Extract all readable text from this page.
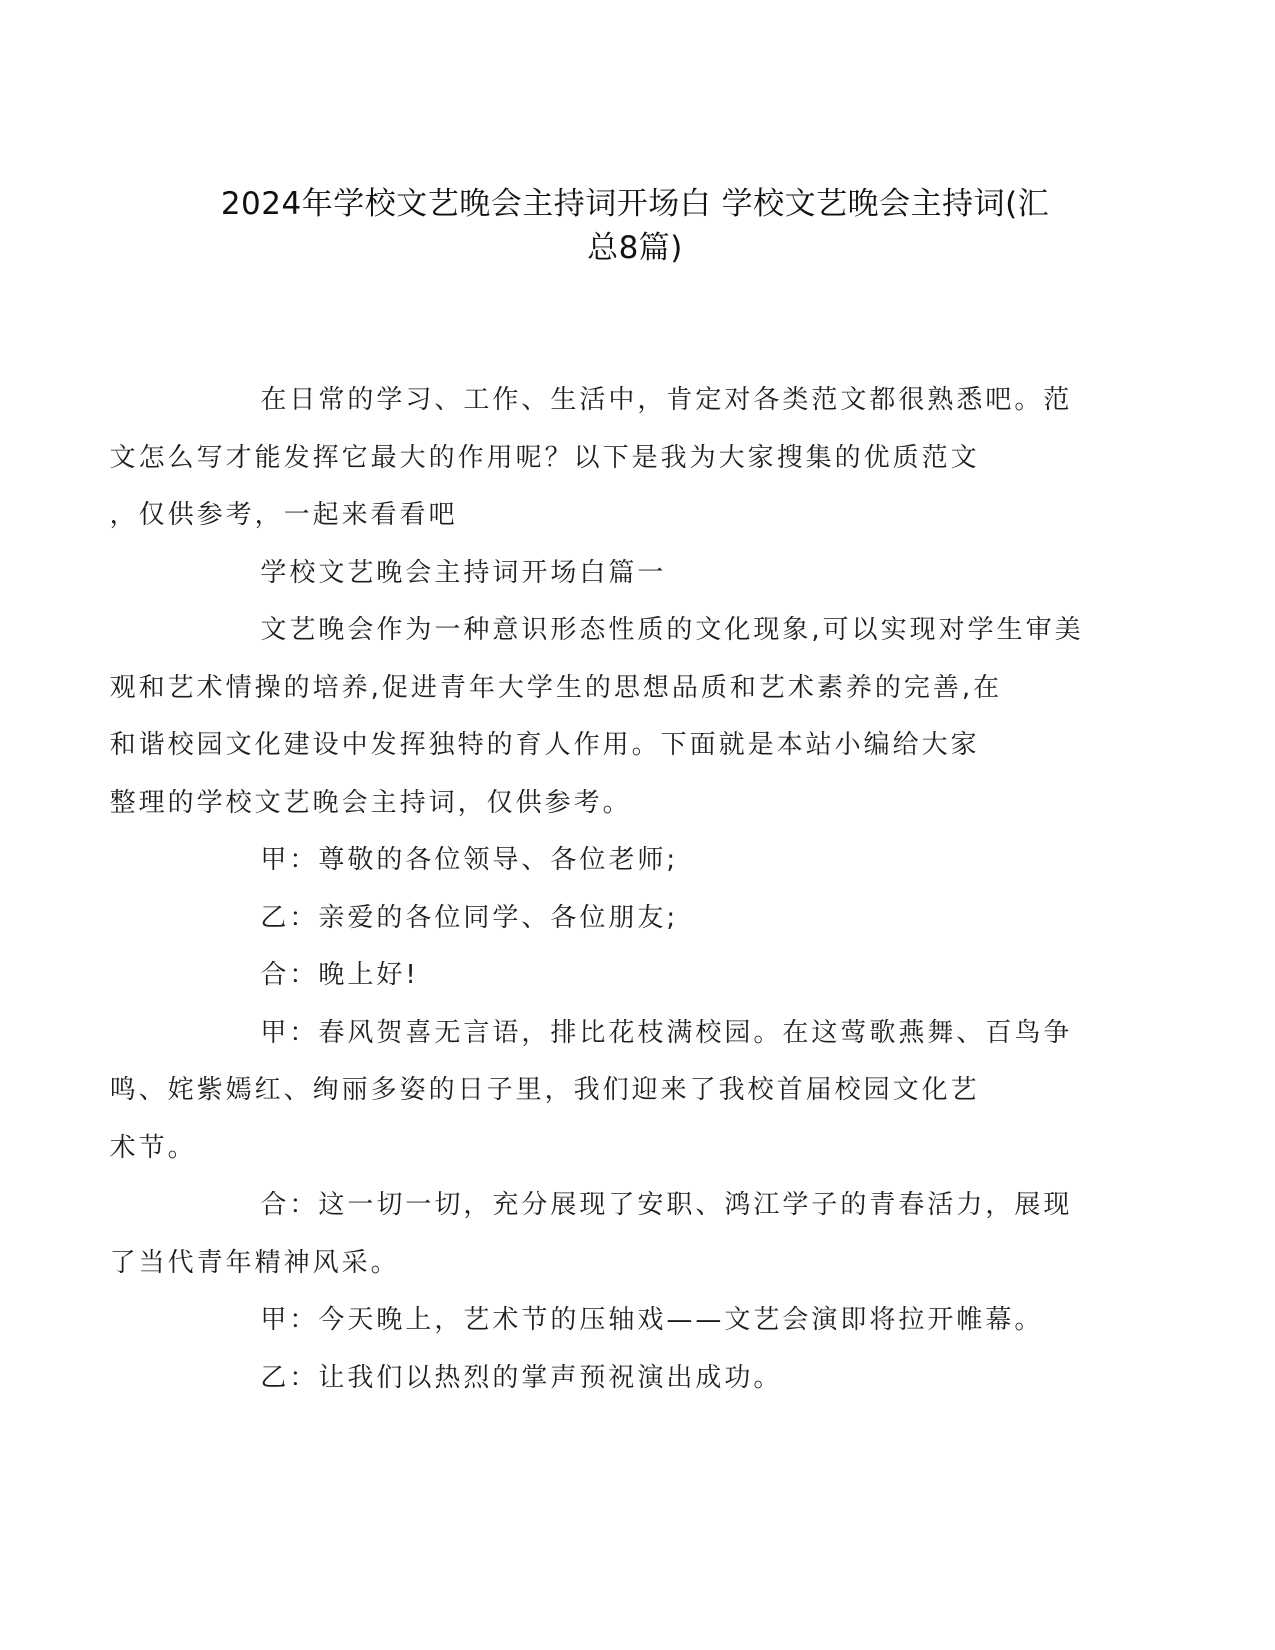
2024年学校文艺晚会主持词开场白 学校文艺晚会主持词(汇
总8篇)

在日常的学习、工作、生活中，肯定对各类范文都很熟悉吧。范
文怎么写才能发挥它最大的作用呢？以下是我为大家搜集的优质范文
，仅供参考，一起来看看吧

学校文艺晚会主持词开场白篇一

文艺晚会作为一种意识形态性质的文化现象,可以实现对学生审美
观和艺术情操的培养,促进青年大学生的思想品质和艺术素养的完善,在
和谐校园文化建设中发挥独特的育人作用。下面就是本站小编给大家
整理的学校文艺晚会主持词，仅供参考。

甲：尊敬的各位领导、各位老师;

乙：亲爱的各位同学、各位朋友;

合：晚上好!

甲：春风贺喜无言语，排比花枝满校园。在这莺歌燕舞、百鸟争
鸣、姹紫嫣红、绚丽多姿的日子里，我们迎来了我校首届校园文化艺
术节。

合：这一切一切，充分展现了安职、鸿江学子的青春活力，展现
了当代青年精神风采。

甲：今天晚上，艺术节的压轴戏——文艺会演即将拉开帷幕。

乙：让我们以热烈的掌声预祝演出成功。
